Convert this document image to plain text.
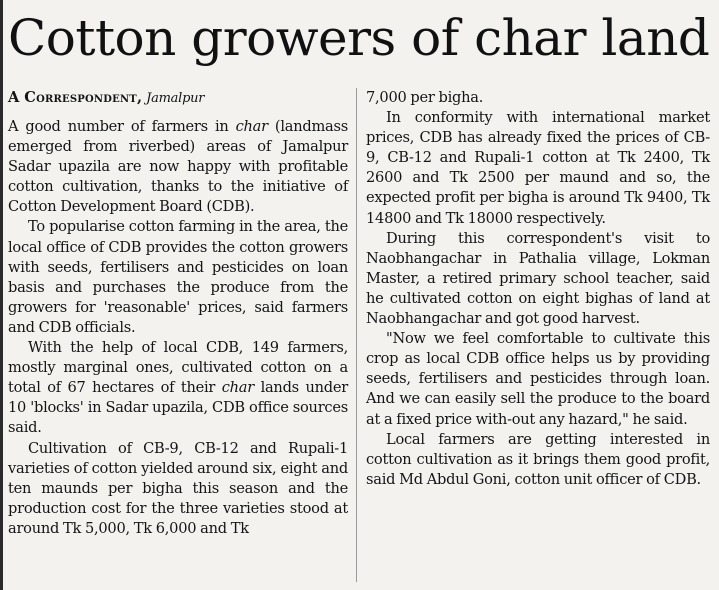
Cotton growers of char land
A Correspondent, Jamalpur

A good number of farmers in char (landmass emerged from riverbed) areas of Jamalpur Sadar upazila are now happy with profitable cotton cultivation, thanks to the initiative of Cotton Development Board (CDB).

To popularise cotton farming in the area, the local office of CDB provides the cotton growers with seeds, fertilisers and pesticides on loan basis and purchases the produce from the growers for 'reasonable' prices, said farmers and CDB officials.

With the help of local CDB, 149 farmers, mostly marginal ones, cultivated cotton on a total of 67 hectares of their char lands under 10 'blocks' in Sadar upazila, CDB office sources said.

Cultivation of CB-9, CB-12 and Rupali-1 varieties of cotton yielded around six, eight and ten maunds per bigha this season and the production cost for the three varieties stood at around Tk 5,000, Tk 6,000 and Tk

7,000 per bigha.

In conformity with international market prices, CDB has already fixed the prices of CB-9, CB-12 and Rupali-1 cotton at Tk 2400, Tk 2600 and Tk 2500 per maund and so, the expected profit per bigha is around Tk 9400, Tk 14800 and Tk 18000 respectively.

During this correspondent's visit to Naobhangachar in Pathalia village, Lokman Master, a retired primary school teacher, said he cultivated cotton on eight bighas of land at Naobhangachar and got good harvest.

"Now we feel comfortable to cultivate this crop as local CDB office helps us by providing seeds, fertilisers and pesticides through loan. And we can easily sell the produce to the board at a fixed price with-out any hazard," he said.

Local farmers are getting interested in cotton cultivation as it brings them good profit, said Md Abdul Goni, cotton unit officer of CDB.
